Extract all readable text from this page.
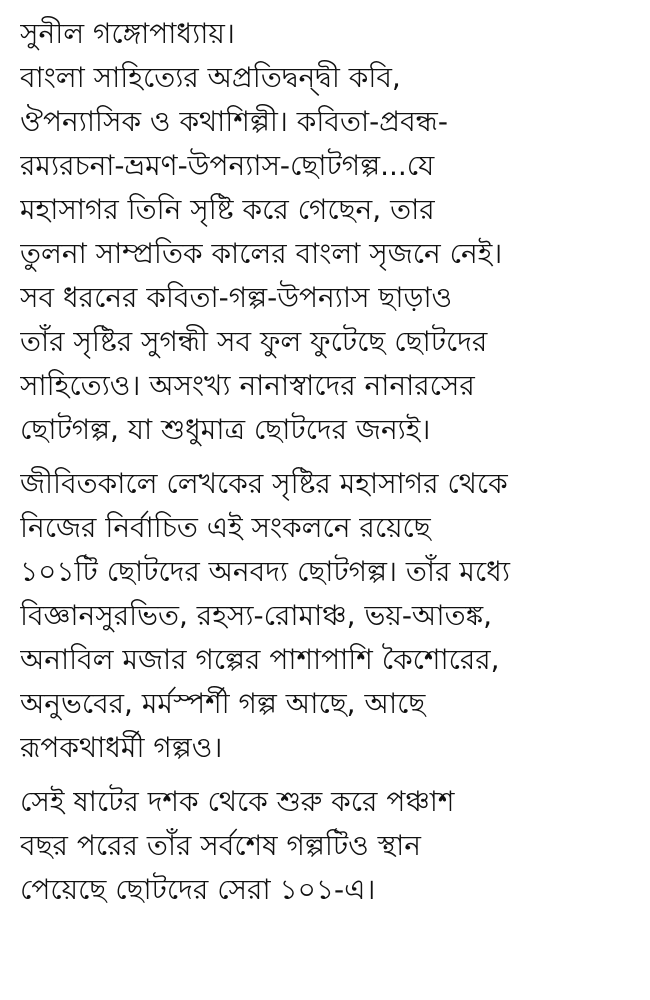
সুনীল গঙ্গোপাধ্যায়।
বাংলা সাহিত্যের অপ্রতিদ্বন্দ্বী কবি,
ঔপন্যাসিক ও কথাশিল্পী। কবিতা-প্রবন্ধ-
রম্যরচনা-ভ্রমণ-উপন্যাস-ছোটগল্প...যে
মহাসাগর তিনি সৃষ্টি করে গেছেন, তার
তুলনা সাম্প্রতিক কালের বাংলা সৃজনে নেই।
সব ধরনের কবিতা-গল্প-উপন্যাস ছাড়াও
তাঁর সৃষ্টির সুগন্ধী সব ফুল ফুটেছে ছোটদের
সাহিত্যেও। অসংখ্য নানাস্বাদের নানারসের
ছোটগল্প, যা শুধুমাত্র ছোটদের জন্যই।
জীবিতকালে লেখকের সৃষ্টির মহাসাগর থেকে
নিজের নির্বাচিত এই সংকলনে রয়েছে
১০১টি ছোটদের অনবদ্য ছোটগল্প। তাঁর মধ্যে
বিজ্ঞানসুরভিত, রহস্য-রোমাঞ্চ, ভয়-আতঙ্ক,
অনাবিল মজার গল্পের পাশাপাশি কৈশোরের,
অনুভবের, মর্মস্পর্শী গল্প আছে, আছে
রূপকথাধর্মী গল্পও।
সেই ষাটের দশক থেকে শুরু করে পঞ্চাশ
বছর পরের তাঁর সর্বশেষ গল্পটিও স্থান
পেয়েছে ছোটদের সেরা ১০১-এ।
